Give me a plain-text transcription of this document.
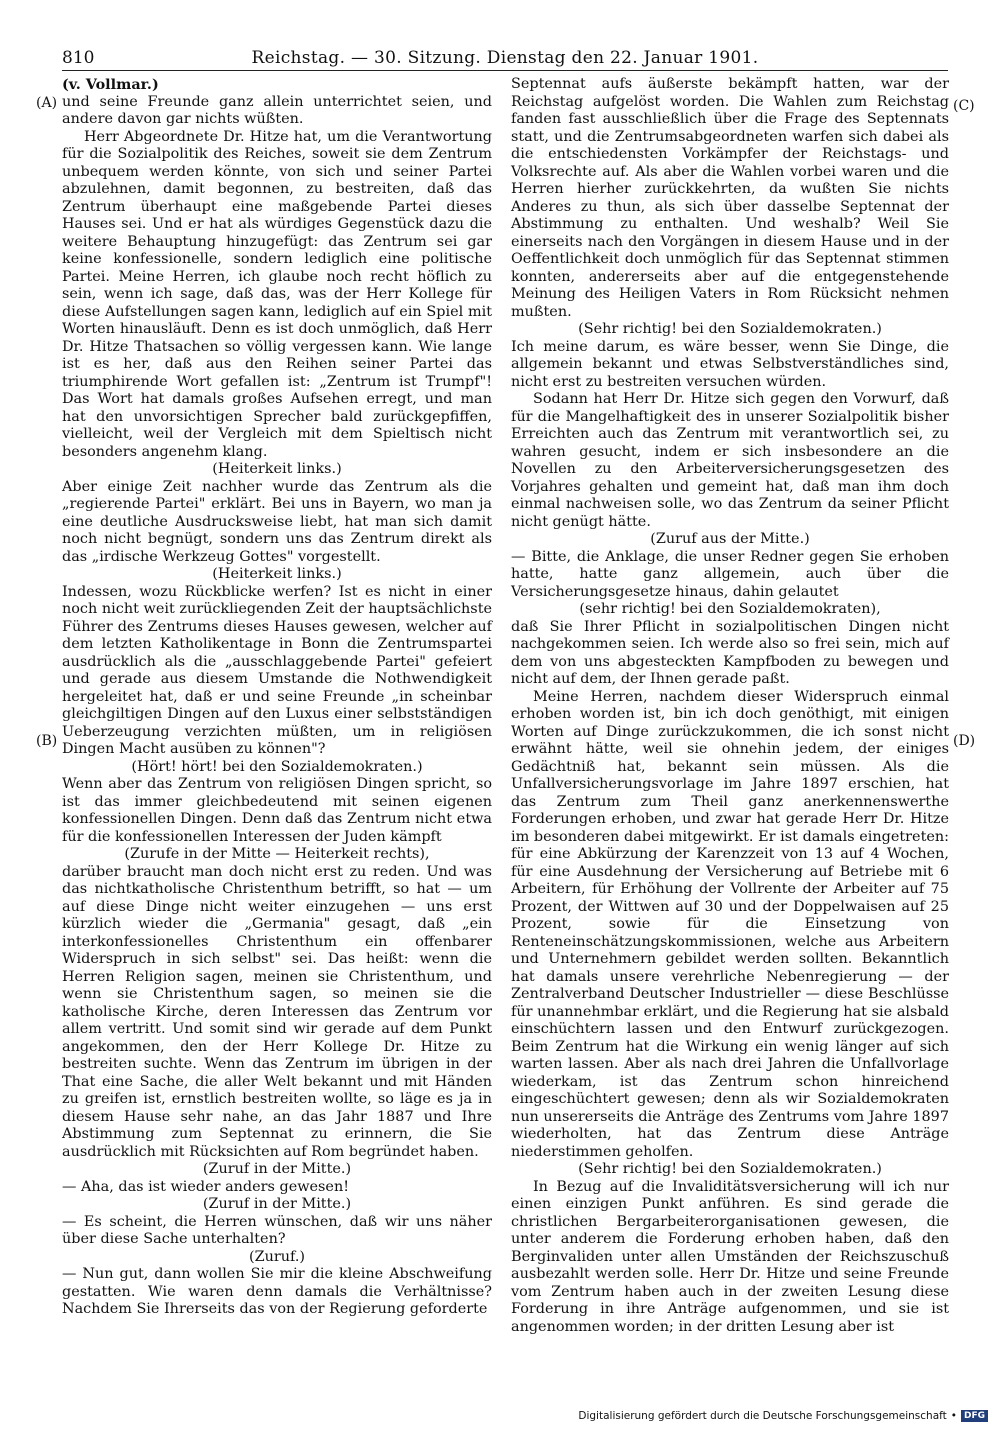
810	Reichstag. — 30. Sitzung. Dienstag den 22. Januar 1901.
(A)
(B)
(C)
(D)

(v. Vollmar.)

und seine Freunde ganz allein unterrichtet seien, und andere davon gar nichts wüßten.

Herr Abgeordnete Dr. Hitze hat, um die Verantwortung für die Sozialpolitik des Reiches, soweit sie dem Zentrum unbequem werden könnte, von sich und seiner Partei abzulehnen, damit begonnen, zu bestreiten, daß das Zentrum überhaupt eine maßgebende Partei dieses Hauses sei. Und er hat als würdiges Gegenstück dazu die weitere Behauptung hinzugefügt: das Zentrum sei gar keine konfessionelle, sondern lediglich eine politische Partei. Meine Herren, ich glaube noch recht höflich zu sein, wenn ich sage, daß das, was der Herr Kollege für diese Aufstellungen sagen kann, lediglich auf ein Spiel mit Worten hinausläuft. Denn es ist doch unmöglich, daß Herr Dr. Hitze Thatsachen so völlig vergessen kann. Wie lange ist es her, daß aus den Reihen seiner Partei das triumphirende Wort gefallen ist: „Zentrum ist Trumpf"! Das Wort hat damals großes Aufsehen erregt, und man hat den unvorsichtigen Sprecher bald zurückgepfiffen, vielleicht, weil der Vergleich mit dem Spieltisch nicht besonders angenehm klang.

(Heiterkeit links.)

Aber einige Zeit nachher wurde das Zentrum als die „regierende Partei" erklärt. Bei uns in Bayern, wo man ja eine deutliche Ausdrucksweise liebt, hat man sich damit noch nicht begnügt, sondern uns das Zentrum direkt als das „irdische Werkzeug Gottes" vorgestellt.

(Heiterkeit links.)

Indessen, wozu Rückblicke werfen? Ist es nicht in einer noch nicht weit zurückliegenden Zeit der hauptsächlichste Führer des Zentrums dieses Hauses gewesen, welcher auf dem letzten Katholikentage in Bonn die Zentrumspartei ausdrücklich als die „ausschlaggebende Partei" gefeiert und gerade aus diesem Umstande die Nothwendigkeit hergeleitet hat, daß er und seine Freunde „in scheinbar gleichgiltigen Dingen auf den Luxus einer selbstständigen Ueberzeugung verzichten müßten, um in religiösen Dingen Macht ausüben zu können"?

(Hört! hört! bei den Sozialdemokraten.)

Wenn aber das Zentrum von religiösen Dingen spricht, so ist das immer gleichbedeutend mit seinen eigenen konfessionellen Dingen. Denn daß das Zentrum nicht etwa für die konfessionellen Interessen der Juden kämpft

(Zurufe in der Mitte — Heiterkeit rechts),

darüber braucht man doch nicht erst zu reden. Und was das nichtkatholische Christenthum betrifft, so hat — um auf diese Dinge nicht weiter einzugehen — uns erst kürzlich wieder die „Germania" gesagt, daß „ein interkonfessionelles Christenthum ein offenbarer Widerspruch in sich selbst" sei. Das heißt: wenn die Herren Religion sagen, meinen sie Christenthum, und wenn sie Christenthum sagen, so meinen sie die katholische Kirche, deren Interessen das Zentrum vor allem vertritt. Und somit sind wir gerade auf dem Punkt angekommen, den der Herr Kollege Dr. Hitze zu bestreiten suchte. Wenn das Zentrum im übrigen in der That eine Sache, die aller Welt bekannt und mit Händen zu greifen ist, ernstlich bestreiten wollte, so läge es ja in diesem Hause sehr nahe, an das Jahr 1887 und Ihre Abstimmung zum Septennat zu erinnern, die Sie ausdrücklich mit Rücksichten auf Rom begründet haben.

(Zuruf in der Mitte.)

— Aha, das ist wieder anders gewesen!

(Zuruf in der Mitte.)

— Es scheint, die Herren wünschen, daß wir uns näher über diese Sache unterhalten?

(Zuruf.)

— Nun gut, dann wollen Sie mir die kleine Abschweifung gestatten. Wie waren denn damals die Verhältnisse? Nachdem Sie Ihrerseits das von der Regierung geforderte

Septennat aufs äußerste bekämpft hatten, war der Reichstag aufgelöst worden. Die Wahlen zum Reichstag fanden fast ausschließlich über die Frage des Septennats statt, und die Zentrumsabgeordneten warfen sich dabei als die entschiedensten Vorkämpfer der Reichstags- und Volksrechte auf. Als aber die Wahlen vorbei waren und die Herren hierher zurückkehrten, da wußten Sie nichts Anderes zu thun, als sich über dasselbe Septennat der Abstimmung zu enthalten. Und weshalb? Weil Sie einerseits nach den Vorgängen in diesem Hause und in der Oeffentlichkeit doch unmöglich für das Septennat stimmen konnten, andererseits aber auf die entgegenstehende Meinung des Heiligen Vaters in Rom Rücksicht nehmen mußten.

(Sehr richtig! bei den Sozialdemokraten.)

Ich meine darum, es wäre besser, wenn Sie Dinge, die allgemein bekannt und etwas Selbstverständliches sind, nicht erst zu bestreiten versuchen würden.

Sodann hat Herr Dr. Hitze sich gegen den Vorwurf, daß für die Mangelhaftigkeit des in unserer Sozialpolitik bisher Erreichten auch das Zentrum mit verantwortlich sei, zu wahren gesucht, indem er sich insbesondere an die Novellen zu den Arbeiterversicherungsgesetzen des Vorjahres gehalten und gemeint hat, daß man ihm doch einmal nachweisen solle, wo das Zentrum da seiner Pflicht nicht genügt hätte.

(Zuruf aus der Mitte.)

— Bitte, die Anklage, die unser Redner gegen Sie erhoben hatte, hatte ganz allgemein, auch über die Versicherungsgesetze hinaus, dahin gelautet

(sehr richtig! bei den Sozialdemokraten),

daß Sie Ihrer Pflicht in sozialpolitischen Dingen nicht nachgekommen seien. Ich werde also so frei sein, mich auf dem von uns abgesteckten Kampfboden zu bewegen und nicht auf dem, der Ihnen gerade paßt.

Meine Herren, nachdem dieser Widerspruch einmal erhoben worden ist, bin ich doch genöthigt, mit einigen Worten auf Dinge zurückzukommen, die ich sonst nicht erwähnt hätte, weil sie ohnehin jedem, der einiges Gedächtniß hat, bekannt sein müssen. Als die Unfallversicherungsvorlage im Jahre 1897 erschien, hat das Zentrum zum Theil ganz anerkennenswerthe Forderungen erhoben, und zwar hat gerade Herr Dr. Hitze im besonderen dabei mitgewirkt. Er ist damals eingetreten: für eine Abkürzung der Karenzzeit von 13 auf 4 Wochen, für eine Ausdehnung der Versicherung auf Betriebe mit 6 Arbeitern, für Erhöhung der Vollrente der Arbeiter auf 75 Prozent, der Wittwen auf 30 und der Doppelwaisen auf 25 Prozent, sowie für die Einsetzung von Renteneinschätzungskommissionen, welche aus Arbeitern und Unternehmern gebildet werden sollten. Bekanntlich hat damals unsere verehrliche Nebenregierung — der Zentralverband Deutscher Industrieller — diese Beschlüsse für unannehmbar erklärt, und die Regierung hat sie alsbald einschüchtern lassen und den Entwurf zurückgezogen. Beim Zentrum hat die Wirkung ein wenig länger auf sich warten lassen. Aber als nach drei Jahren die Unfallvorlage wiederkam, ist das Zentrum schon hinreichend eingeschüchtert gewesen; denn als wir Sozialdemokraten nun unsererseits die Anträge des Zentrums vom Jahre 1897 wiederholten, hat das Zentrum diese Anträge niederstimmen geholfen.

(Sehr richtig! bei den Sozialdemokraten.)

In Bezug auf die Invaliditätsversicherung will ich nur einen einzigen Punkt anführen. Es sind gerade die christlichen Bergarbeiterorganisationen gewesen, die unter anderem die Forderung erhoben haben, daß den Berginvaliden unter allen Umständen der Reichszuschuß ausbezahlt werden solle. Herr Dr. Hitze und seine Freunde vom Zentrum haben auch in der zweiten Lesung diese Forderung in ihre Anträge aufgenommen, und sie ist angenommen worden; in der dritten Lesung aber ist

Digitalisierung gefördert durch die Deutsche Forschungsgemeinschaft • DFG
